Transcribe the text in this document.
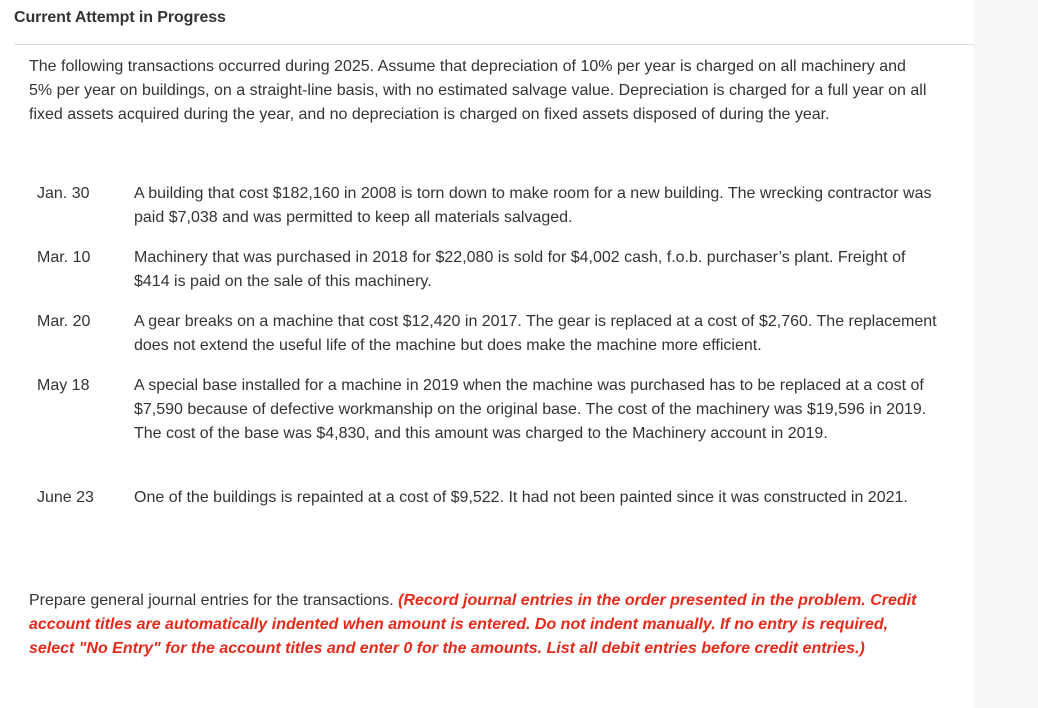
Current Attempt in Progress
The following transactions occurred during 2025. Assume that depreciation of 10% per year is charged on all machinery and 5% per year on buildings, on a straight-line basis, with no estimated salvage value. Depreciation is charged for a full year on all fixed assets acquired during the year, and no depreciation is charged on fixed assets disposed of during the year.
Jan. 30	A building that cost $182,160 in 2008 is torn down to make room for a new building. The wrecking contractor was paid $7,038 and was permitted to keep all materials salvaged.
Mar. 10	Machinery that was purchased in 2018 for $22,080 is sold for $4,002 cash, f.o.b. purchaser’s plant. Freight of $414 is paid on the sale of this machinery.
Mar. 20	A gear breaks on a machine that cost $12,420 in 2017. The gear is replaced at a cost of $2,760. The replacement does not extend the useful life of the machine but does make the machine more efficient.
May 18	A special base installed for a machine in 2019 when the machine was purchased has to be replaced at a cost of $7,590 because of defective workmanship on the original base. The cost of the machinery was $19,596 in 2019. The cost of the base was $4,830, and this amount was charged to the Machinery account in 2019.
June 23	One of the buildings is repainted at a cost of $9,522. It had not been painted since it was constructed in 2021.
Prepare general journal entries for the transactions. (Record journal entries in the order presented in the problem. Credit account titles are automatically indented when amount is entered. Do not indent manually. If no entry is required, select "No Entry" for the account titles and enter 0 for the amounts. List all debit entries before credit entries.)
